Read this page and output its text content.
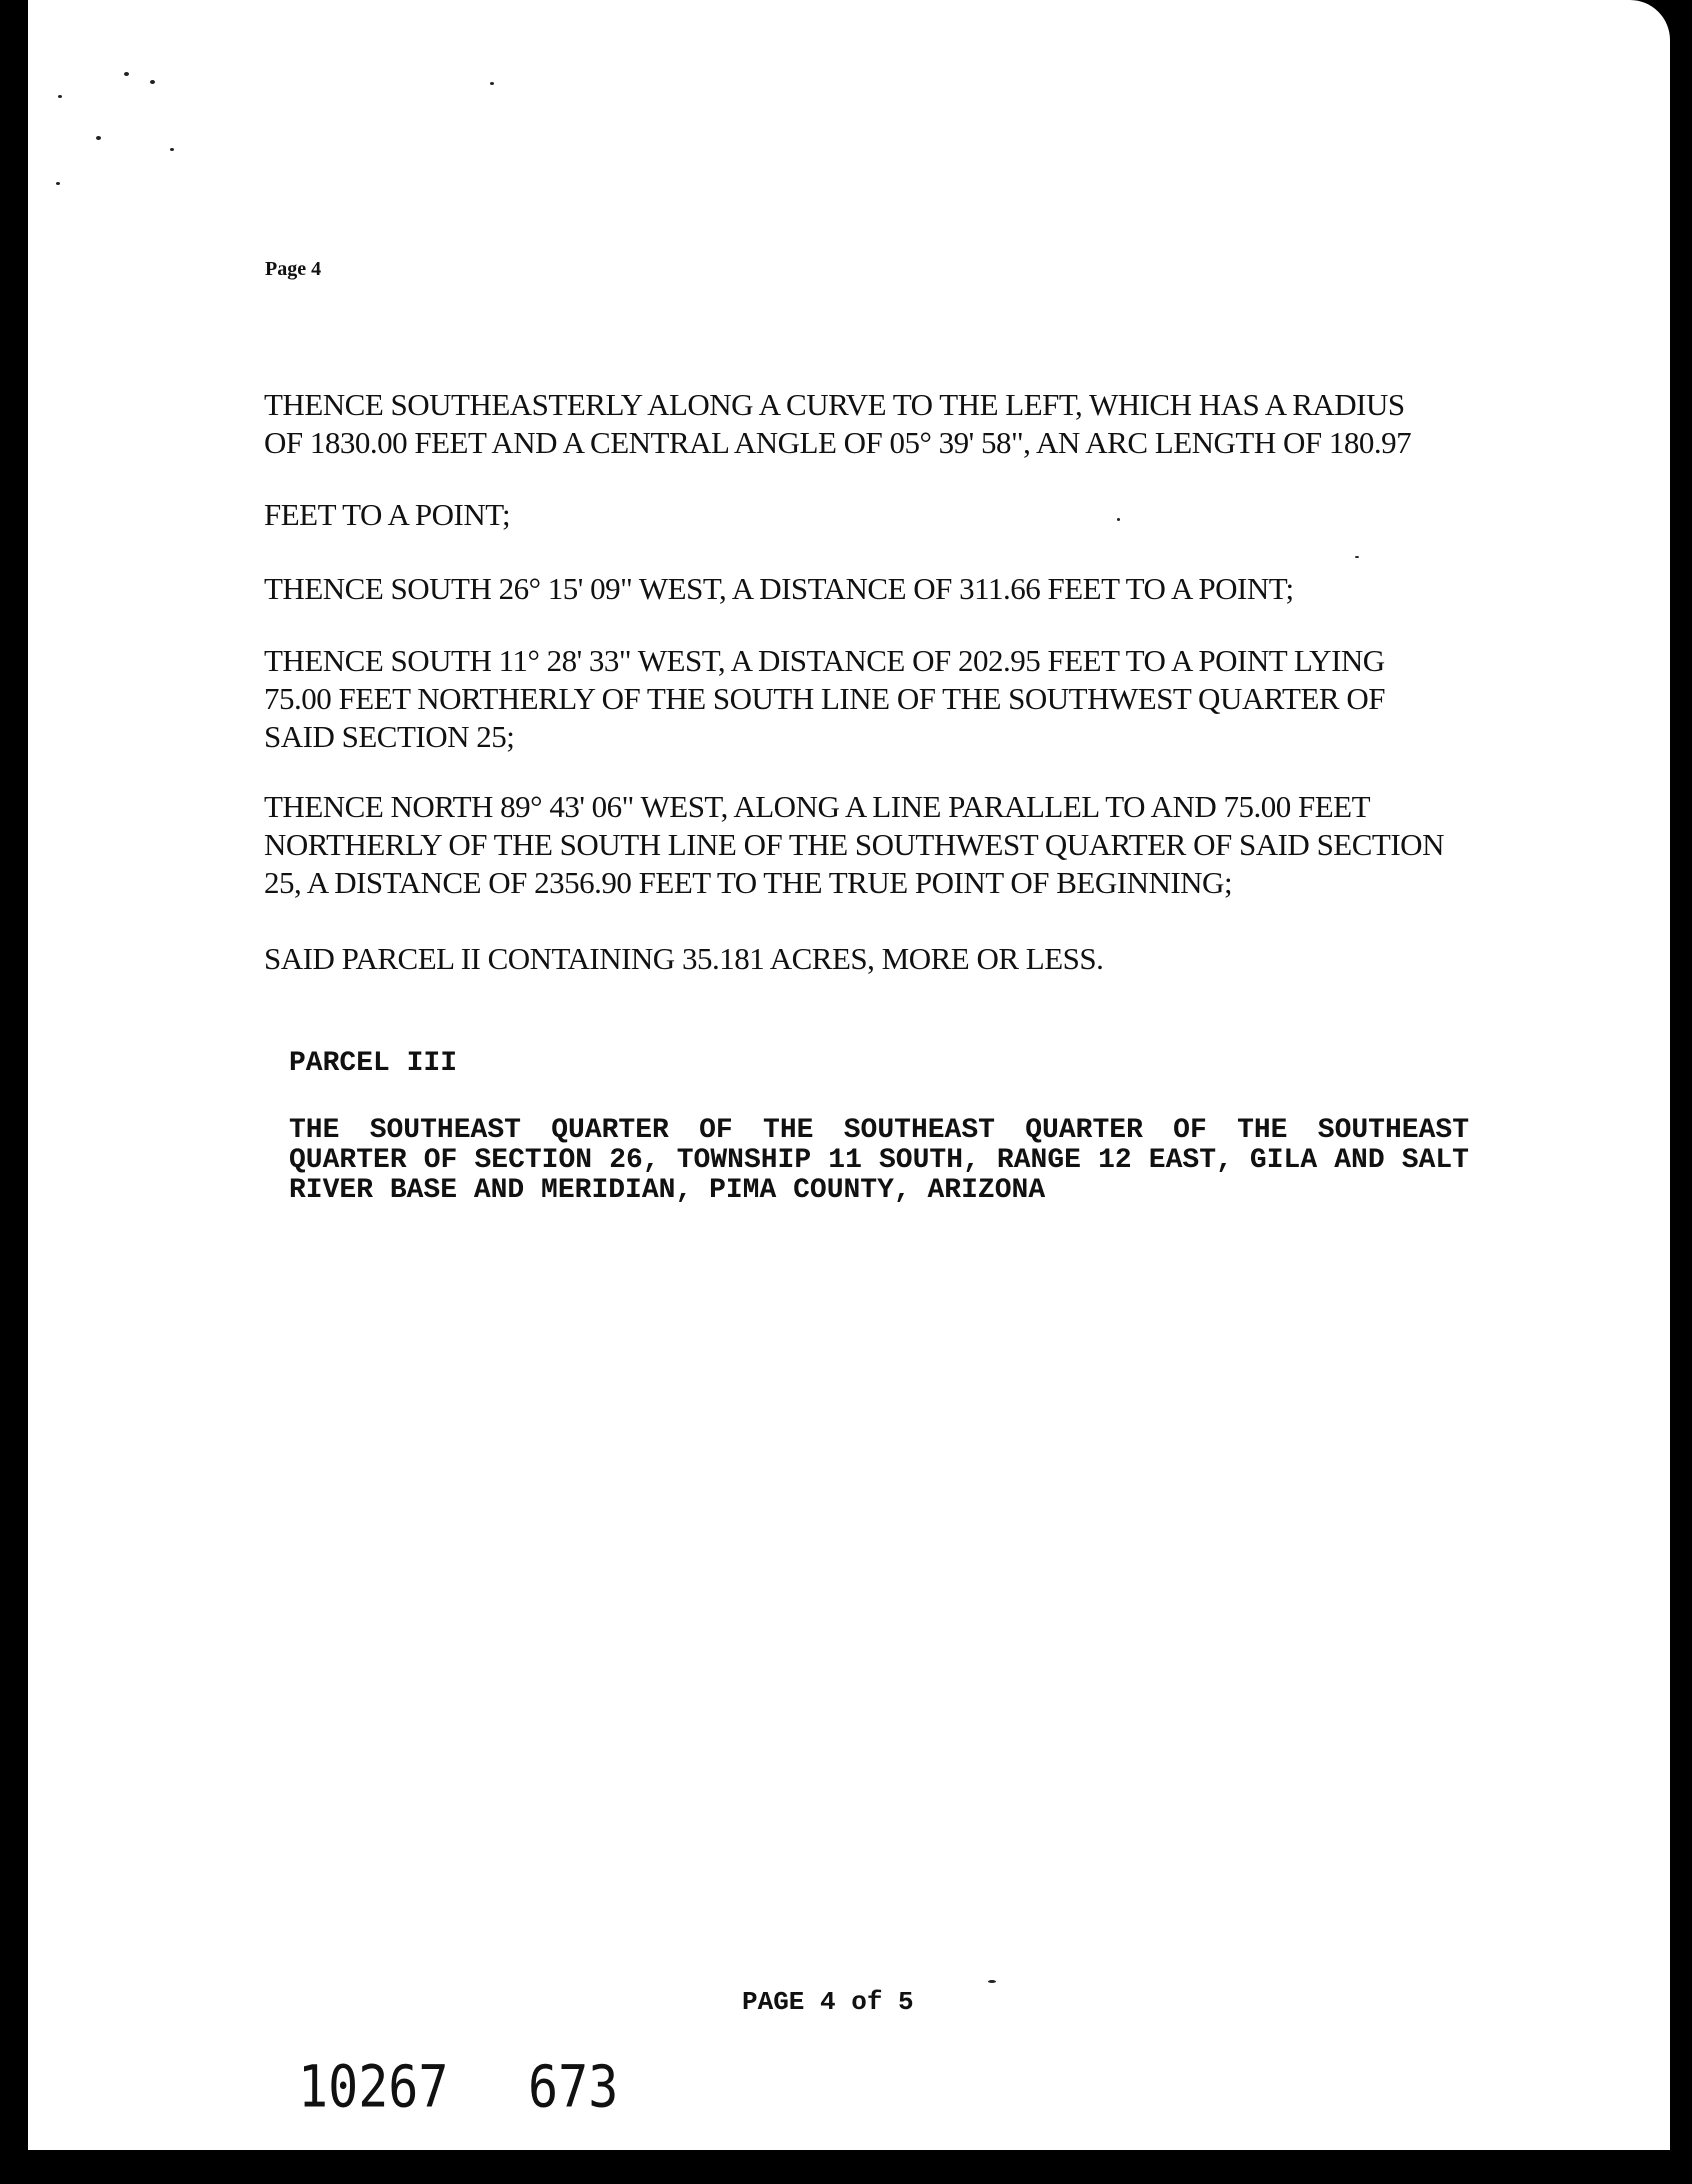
Page 4
THENCE SOUTHEASTERLY ALONG A CURVE TO THE LEFT, WHICH HAS A RADIUS
OF 1830.00 FEET AND A CENTRAL ANGLE OF 05° 39' 58", AN ARC LENGTH OF 180.97
FEET TO A POINT;
THENCE SOUTH 26° 15' 09" WEST, A DISTANCE OF 311.66 FEET TO A POINT;
THENCE SOUTH 11° 28' 33" WEST, A DISTANCE OF 202.95 FEET TO A POINT LYING
75.00 FEET NORTHERLY OF THE SOUTH LINE OF THE SOUTHWEST QUARTER OF
SAID SECTION 25;
THENCE NORTH 89° 43' 06" WEST, ALONG A LINE PARALLEL TO AND 75.00 FEET
NORTHERLY OF THE SOUTH LINE OF THE SOUTHWEST QUARTER OF SAID SECTION
25, A DISTANCE OF 2356.90 FEET TO THE TRUE POINT OF BEGINNING;
SAID PARCEL II CONTAINING 35.181 ACRES, MORE OR LESS.
PARCEL III
THE SOUTHEAST QUARTER OF THE SOUTHEAST QUARTER OF THE SOUTHEAST QUARTER OF SECTION 26, TOWNSHIP 11 SOUTH, RANGE 12 EAST, GILA AND SALT RIVER BASE AND MERIDIAN, PIMA COUNTY, ARIZONA
PAGE 4 of 5
10267 673
